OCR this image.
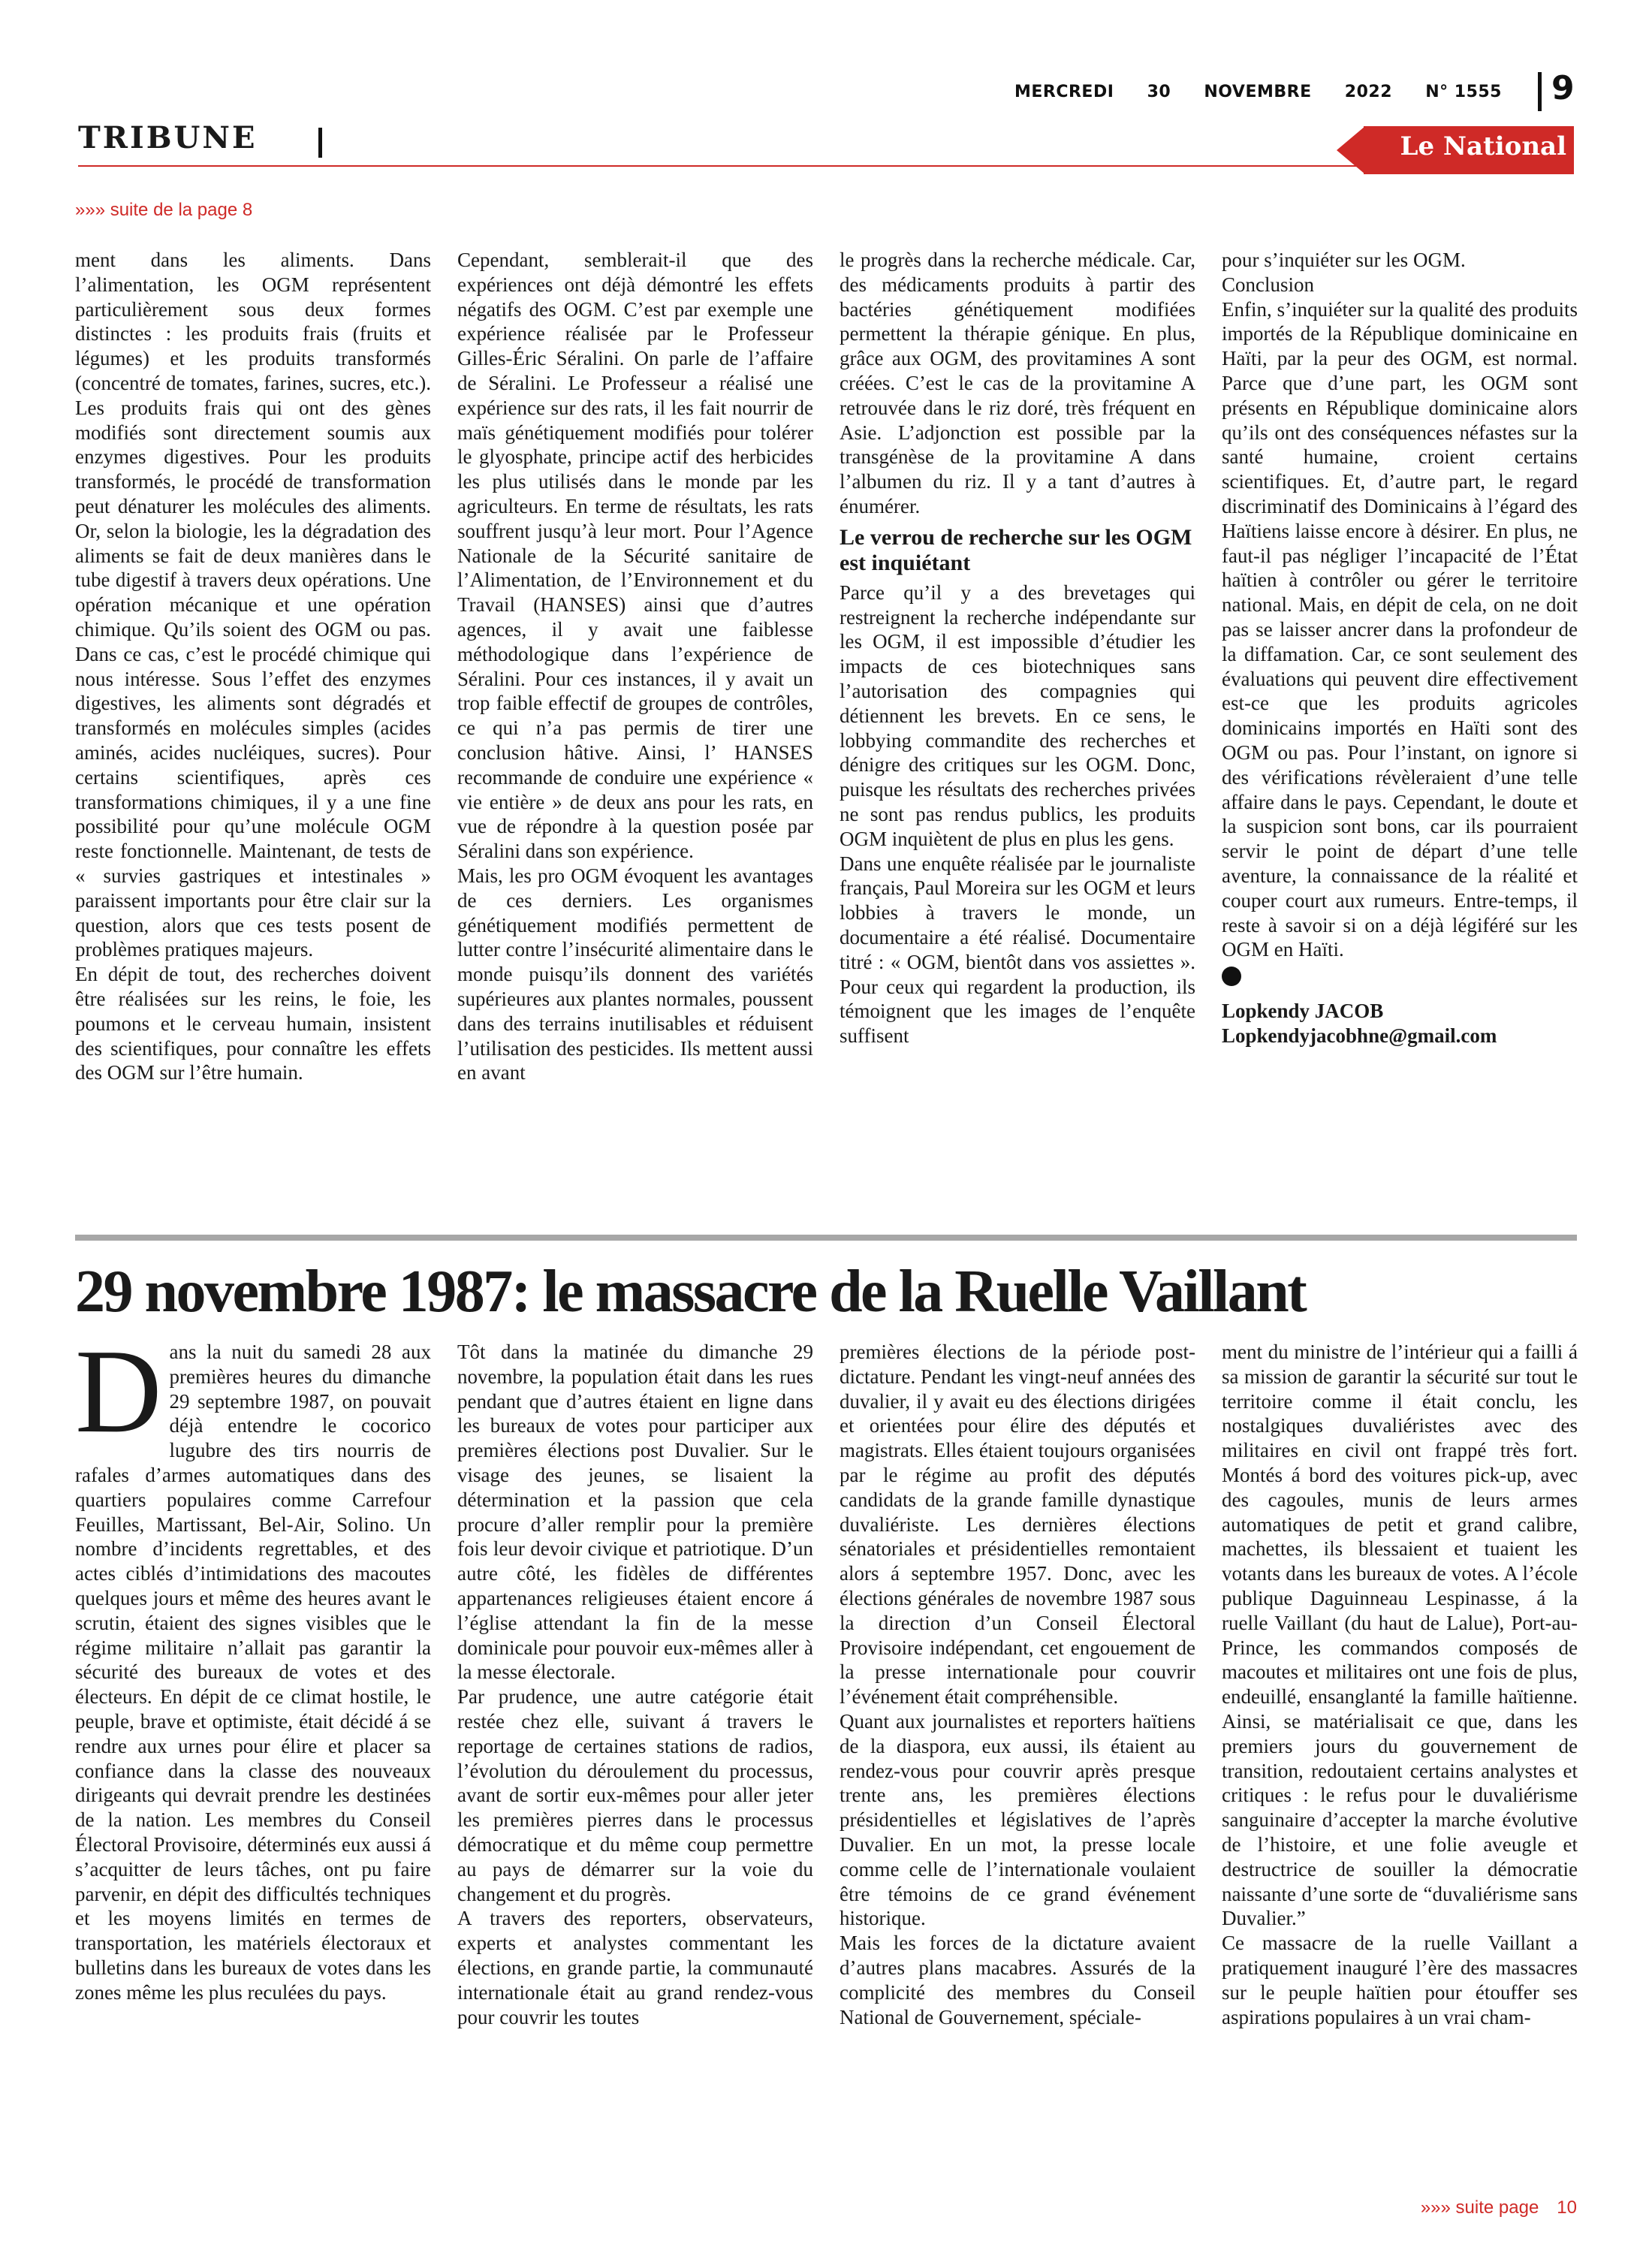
MERCREDI 30 NOVEMBRE 2022 N° 1555 9
TRIBUNE	Le National
»»» suite de la page 8

ment dans les aliments. Dans l’alimentation, les OGM représentent particulièrement sous deux formes distinctes : les produits frais (fruits et légumes) et les produits transformés (concentré de tomates, farines, sucres, etc.). Les produits frais qui ont des gènes modifiés sont directement soumis aux enzymes digestives. Pour les produits transformés, le procédé de transformation peut dénaturer les molécules des aliments. Or, selon la biologie, les la dégradation des aliments se fait de deux manières dans le tube digestif à travers deux opérations. Une opération mécanique et une opération chimique. Qu’ils soient des OGM ou pas. Dans ce cas, c’est le procédé chimique qui nous intéresse. Sous l’effet des enzymes digestives, les aliments sont dégradés et transformés en molécules simples (acides aminés, acides nucléiques, sucres). Pour certains scientifiques, après ces transformations chimiques, il y a une fine possibilité pour qu’une molécule OGM reste fonctionnelle. Maintenant, de tests de « survies gastriques et intestinales » paraissent importants pour être clair sur la question, alors que ces tests posent de problèmes pratiques majeurs.

En dépit de tout, des recherches doivent être réalisées sur les reins, le foie, les poumons et le cerveau humain, insistent des scientifiques, pour connaître les effets des OGM sur l’être humain.

Cependant, semblerait-il que des expériences ont déjà démontré les effets négatifs des OGM. C’est par exemple une expérience réalisée par le Professeur Gilles-Éric Séralini. On parle de l’affaire de Séralini. Le Professeur a réalisé une expérience sur des rats, il les fait nourrir de maïs génétiquement modifiés pour tolérer le glyosphate, principe actif des herbicides les plus utilisés dans le monde par les agriculteurs. En terme de résultats, les rats souffrent jusqu’à leur mort. Pour l’Agence Nationale de la Sécurité sanitaire de l’Alimentation, de l’Environnement et du Travail (HANSES) ainsi que d’autres agences, il y avait une faiblesse méthodologique dans l’expérience de Séralini. Pour ces instances, il y avait un trop faible effectif de groupes de contrôles, ce qui n’a pas permis de tirer une conclusion hâtive. Ainsi, l’ HANSES recommande de conduire une expérience « vie entière » de deux ans pour les rats, en vue de répondre à la question posée par Séralini dans son expérience.

Mais, les pro OGM évoquent les avantages de ces derniers. Les organismes génétiquement modifiés permettent de lutter contre l’insécurité alimentaire dans le monde puisqu’ils donnent des variétés supérieures aux plantes normales, poussent dans des terrains inutilisables et réduisent l’utilisation des pesticides. Ils mettent aussi en avant

le progrès dans la recherche médicale. Car, des médicaments produits à partir des bactéries génétiquement modifiées permettent la thérapie génique. En plus, grâce aux OGM, des provitamines A sont créées. C’est le cas de la provitamine A retrouvée dans le riz doré, très fréquent en Asie. L’adjonction est possible par la transgénèse de la provitamine A dans l’albumen du riz. Il y a tant d’autres à énumérer.

Le verrou de recherche sur les OGM est inquiétant

Parce qu’il y a des brevetages qui restreignent la recherche indépendante sur les OGM, il est impossible d’étudier les impacts de ces biotechniques sans l’autorisation des compagnies qui détiennent les brevets. En ce sens, le lobbying commandite des recherches et dénigre des critiques sur les OGM. Donc, puisque les résultats des recherches privées ne sont pas rendus publics, les produits OGM inquiètent de plus en plus les gens.

Dans une enquête réalisée par le journaliste français, Paul Moreira sur les OGM et leurs lobbies à travers le monde, un documentaire a été réalisé. Documentaire titré : « OGM, bientôt dans vos assiettes ». Pour ceux qui regardent la production, ils témoignent que les images de l’enquête suffisent

pour s’inquiéter sur les OGM.

Conclusion

Enfin, s’inquiéter sur la qualité des produits importés de la République dominicaine en Haïti, par la peur des OGM, est normal. Parce que d’une part, les OGM sont présents en République dominicaine alors qu’ils ont des conséquences néfastes sur la santé humaine, croient certains scientifiques. Et, d’autre part, le regard discriminatif des Dominicains à l’égard des Haïtiens laisse encore à désirer. En plus, ne faut-il pas négliger l’incapacité de l’État haïtien à contrôler ou gérer le territoire national. Mais, en dépit de cela, on ne doit pas se laisser ancrer dans la profondeur de la diffamation. Car, ce sont seulement des évaluations qui peuvent dire effectivement est-ce que les produits agricoles dominicains importés en Haïti sont des OGM ou pas. Pour l’instant, on ignore si des vérifications révèleraient d’une telle affaire dans le pays. Cependant, le doute et la suspicion sont bons, car ils pourraient servir le point de départ d’une telle aventure, la connaissance de la réalité et couper court aux rumeurs. Entre-temps, il reste à savoir si on a déjà légiféré sur les OGM en Haïti.

Lopkendy JACOB

Lopkendyjacobhne@gmail.com

29 novembre 1987: le massacre de la Ruelle Vaillant

Dans la nuit du samedi 28 aux premières heures du dimanche 29 septembre 1987, on pouvait déjà entendre le cocorico lugubre des tirs nourris de rafales d’armes automatiques dans des quartiers populaires comme Carrefour Feuilles, Martissant, Bel-Air, Solino. Un nombre d’incidents regrettables, et des actes ciblés d’intimidations des macoutes quelques jours et même des heures avant le scrutin, étaient des signes visibles que le régime militaire n’allait pas garantir la sécurité des bureaux de votes et des électeurs. En dépit de ce climat hostile, le peuple, brave et optimiste, était décidé á se rendre aux urnes pour élire et placer sa confiance dans la classe des nouveaux dirigeants qui devrait prendre les destinées de la nation. Les membres du Conseil Électoral Provisoire, déterminés eux aussi á s’acquitter de leurs tâches, ont pu faire parvenir, en dépit des difficultés techniques et les moyens limités en termes de transportation, les matériels électoraux et bulletins dans les bureaux de votes dans les zones même les plus reculées du pays.

Tôt dans la matinée du dimanche 29 novembre, la population était dans les rues pendant que d’autres étaient en ligne dans les bureaux de votes pour participer aux premières élections post Duvalier. Sur le visage des jeunes, se lisaient la détermination et la passion que cela procure d’aller remplir pour la première fois leur devoir civique et patriotique. D’un autre côté, les fidèles de différentes appartenances religieuses étaient encore á l’église attendant la fin de la messe dominicale pour pouvoir eux-mêmes aller à la messe électorale.

Par prudence, une autre catégorie était restée chez elle, suivant á travers le reportage de certaines stations de radios, l’évolution du déroulement du processus, avant de sortir eux-mêmes pour aller jeter les premières pierres dans le processus démocratique et du même coup permettre au pays de démarrer sur la voie du changement et du progrès.

A travers des reporters, observateurs, experts et analystes commentant les élections, en grande partie, la communauté internationale était au grand rendez-vous pour couvrir les toutes

premières élections de la période post-dictature. Pendant les vingt-neuf années des duvalier, il y avait eu des élections dirigées et orientées pour élire des députés et magistrats. Elles étaient toujours organisées par le régime au profit des députés candidats de la grande famille dynastique duvaliériste. Les dernières élections sénatoriales et présidentielles remontaient alors á septembre 1957. Donc, avec les élections générales de novembre 1987 sous la direction d’un Conseil Électoral Provisoire indépendant, cet engouement de la presse internationale pour couvrir l’événement était compréhensible.

Quant aux journalistes et reporters haïtiens de la diaspora, eux aussi, ils étaient au rendez-vous pour couvrir après presque trente ans, les premières élections présidentielles et législatives de l’après Duvalier. En un mot, la presse locale comme celle de l’internationale voulaient être témoins de ce grand événement historique.

Mais les forces de la dictature avaient d’autres plans macabres. Assurés de la complicité des membres du Conseil National de Gouvernement, spéciale-

ment du ministre de l’intérieur qui a failli á sa mission de garantir la sécurité sur tout le territoire comme il était conclu, les nostalgiques duvaliéristes avec des militaires en civil ont frappé très fort. Montés á bord des voitures pick-up, avec des cagoules, munis de leurs armes automatiques de petit et grand calibre, machettes, ils blessaient et tuaient les votants dans les bureaux de votes. A l’école publique Daguinneau Lespinasse, á la ruelle Vaillant (du haut de Lalue), Port-au-Prince, les commandos composés de macoutes et militaires ont une fois de plus, endeuillé, ensanglanté la famille haïtienne. Ainsi, se matérialisait ce que, dans les premiers jours du gouvernement de transition, redoutaient certains analystes et critiques : le refus pour le duvaliérisme sanguinaire d’accepter la marche évolutive de l’histoire, et une folie aveugle et destructrice de souiller la démocratie naissante d’une sorte de “duvaliérisme sans Duvalier.”

Ce massacre de la ruelle Vaillant a pratiquement inauguré l’ère des massacres sur le peuple haïtien pour étouffer ses aspirations populaires à un vrai cham-

»»» suite page 10
